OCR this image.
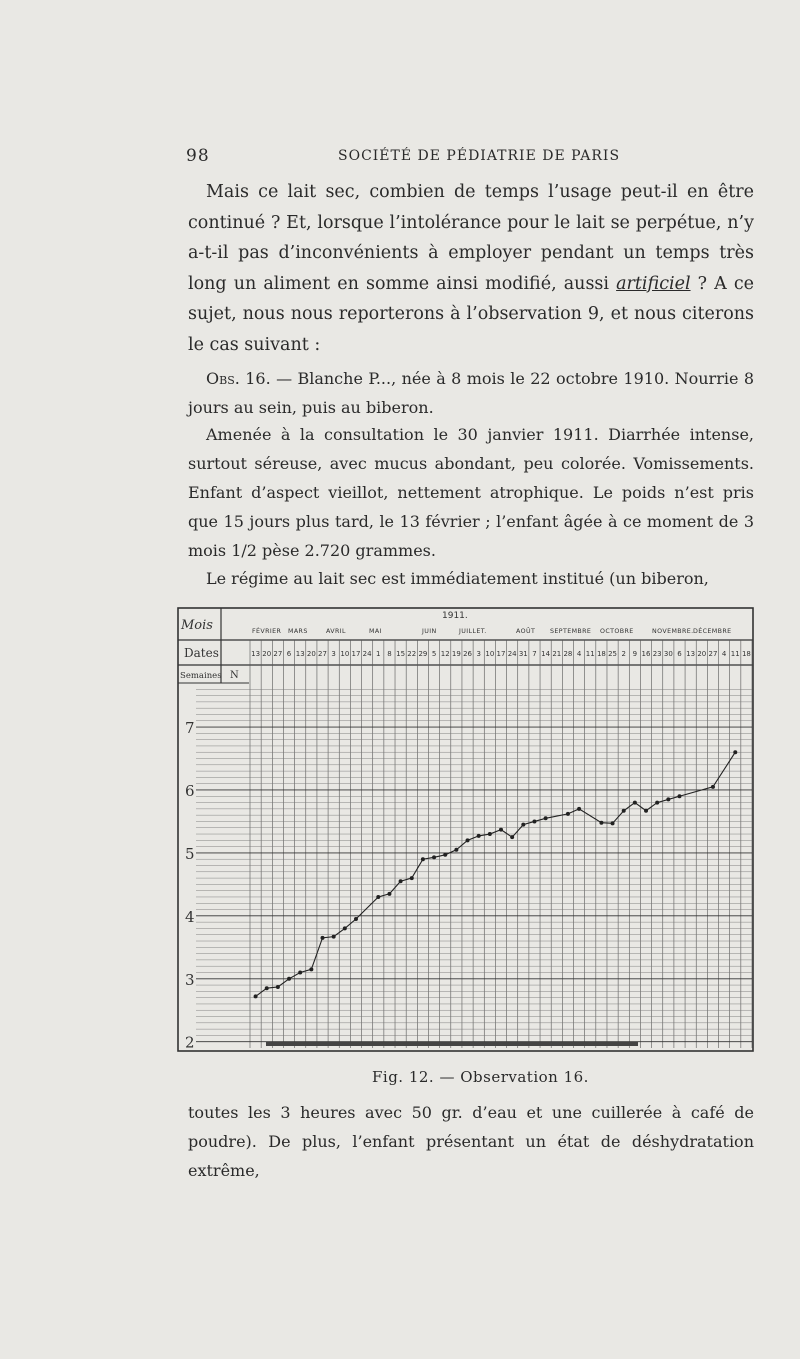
98	SOCIÉTÉ DE PÉDIATRIE DE PARIS
Mais ce lait sec, combien de temps l’usage peut-il en être continué ? Et, lorsque l’intolérance pour le lait se perpétue, n’y a-t-il pas d’inconvénients à employer pendant un temps très long un aliment en somme ainsi modifié, aussi artificiel ? A ce sujet, nous nous reporterons à l’observation 9, et nous citerons le cas suivant :
Obs. 16. — Blanche P..., née à 8 mois le 22 octobre 1910. Nourrie 8 jours au sein, puis au biberon.
Amenée à la consultation le 30 janvier 1911. Diarrhée intense, surtout séreuse, avec mucus abondant, peu colorée. Vomissements. Enfant d’aspect vieillot, nettement atrophique. Le poids n’est pris que 15 jours plus tard, le 13 février ; l’enfant âgée à ce moment de 3 mois 1/2 pèse 2.720 grammes.
Le régime au lait sec est immédiatement institué (un biberon,
Mois
Dates
Semaines N
1911.
FÉVRIER MARS	AVRIL	MAI	JUIN	JUILLET.	AOÛT SEPTEMBRE OCTOBRE	NOVEMBRE. DÉCEMBRE
13 20 27 6 13 20 27 3 10 17 24 1 8 15 22 29 5 12 19 26 3 10 17 24 31 7 14 21 28 4 11 18 25 2 9 16 23 30 6 13 20 27 4 11 18
7
6
5
4
3
2
Fig. 12. — Observation 16.
toutes les 3 heures avec 50 gr. d’eau et une cuillerée à café de poudre). De plus, l’enfant présentant un état de déshydratation extrême,
